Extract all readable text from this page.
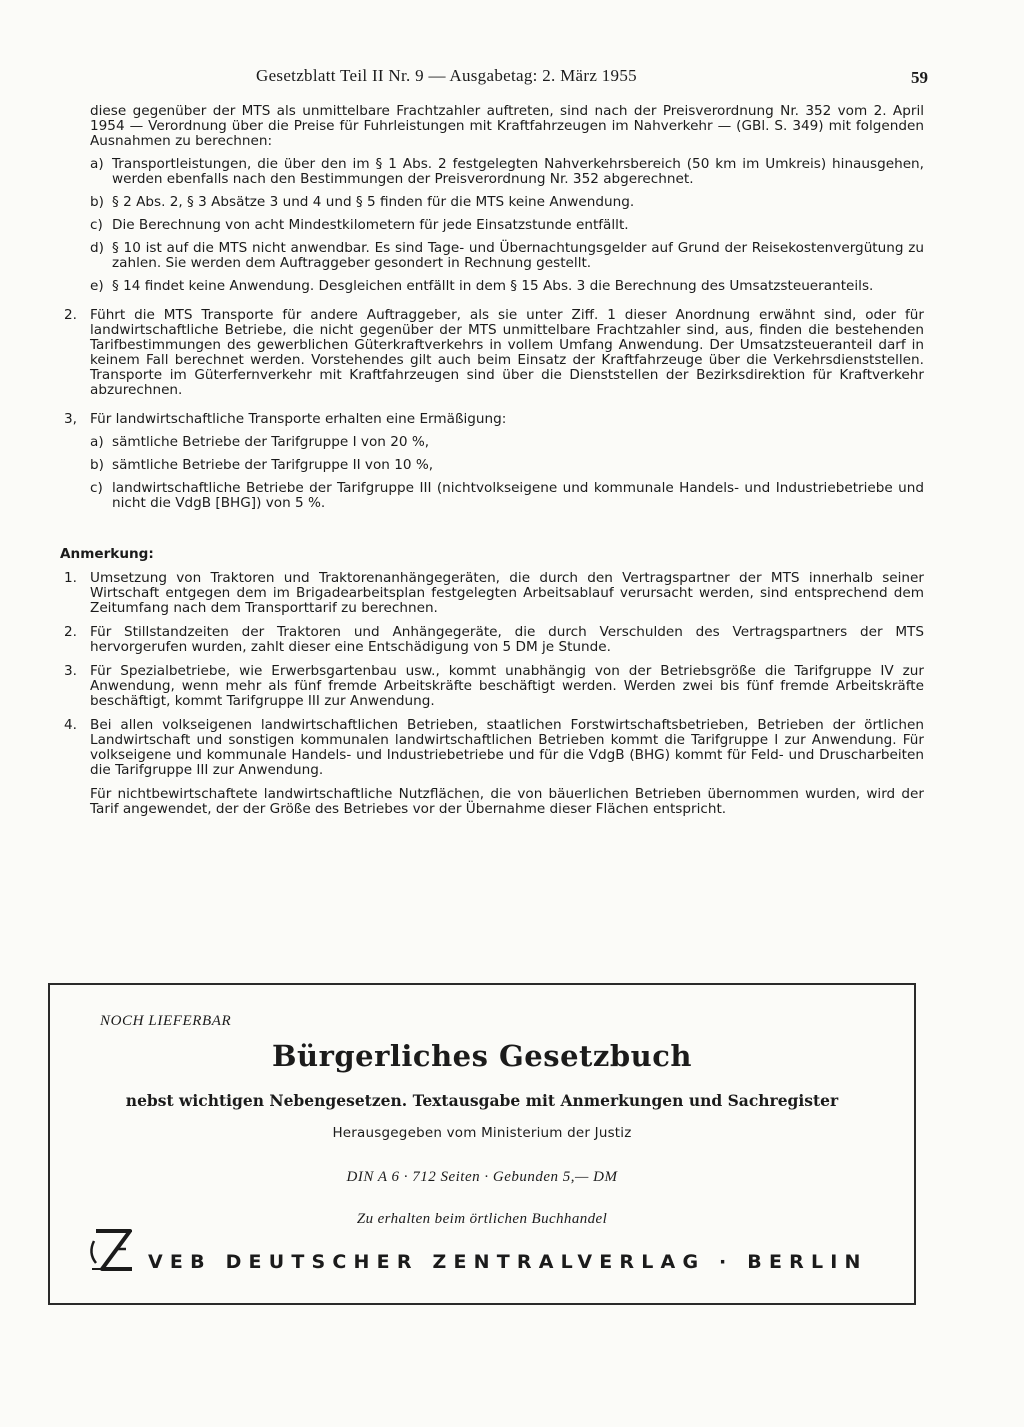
Gesetzblatt Teil II Nr. 9 — Ausgabetag: 2. März 1955	59

diese gegenüber der MTS als unmittelbare Frachtzahler auftreten, sind nach der Preisverordnung Nr. 352 vom 2. April 1954 — Verordnung über die Preise für Fuhrleistungen mit Kraftfahrzeugen im Nahverkehr — (GBl. S. 349) mit folgenden Ausnahmen zu berechnen:

a) Transportleistungen, die über den im § 1 Abs. 2 festgelegten Nahverkehrsbereich (50 km im Umkreis) hinausgehen, werden ebenfalls nach den Bestimmungen der Preisverordnung Nr. 352 abgerechnet.
b) § 2 Abs. 2, § 3 Absätze 3 und 4 und § 5 finden für die MTS keine Anwendung.
c) Die Berechnung von acht Mindestkilometern für jede Einsatzstunde entfällt.
d) § 10 ist auf die MTS nicht anwendbar. Es sind Tage- und Übernachtungsgelder auf Grund der Reisekostenvergütung zu zahlen. Sie werden dem Auftraggeber gesondert in Rechnung gestellt.
e) § 14 findet keine Anwendung. Desgleichen entfällt in dem § 15 Abs. 3 die Berechnung des Umsatzsteueranteils.
2. Führt die MTS Transporte für andere Auftraggeber, als sie unter Ziff. 1 dieser Anordnung erwähnt sind, oder für landwirtschaftliche Betriebe, die nicht gegenüber der MTS unmittelbare Frachtzahler sind, aus, finden die bestehenden Tarifbestimmungen des gewerblichen Güterkraftverkehrs in vollem Umfang Anwendung. Der Umsatzsteueranteil darf in keinem Fall berechnet werden. Vorstehendes gilt auch beim Einsatz der Kraftfahrzeuge über die Verkehrsdienststellen. Transporte im Güterfernverkehr mit Kraftfahrzeugen sind über die Dienststellen der Bezirksdirektion für Kraftverkehr abzurechnen.
3, Für landwirtschaftliche Transporte erhalten eine Ermäßigung:
a) sämtliche Betriebe der Tarifgruppe I von 20 %,
b) sämtliche Betriebe der Tarifgruppe II von 10 %,
c) landwirtschaftliche Betriebe der Tarifgruppe III (nichtvolkseigene und kommunale Handels- und Industriebetriebe und nicht die VdgB [BHG]) von 5 %.

Anmerkung:

1. Umsetzung von Traktoren und Traktorenanhängegeräten, die durch den Vertragspartner der MTS innerhalb seiner Wirtschaft entgegen dem im Brigadearbeitsplan festgelegten Arbeitsablauf verursacht werden, sind entsprechend dem Zeitumfang nach dem Transporttarif zu berechnen.
2. Für Stillstandzeiten der Traktoren und Anhängegeräte, die durch Verschulden des Vertragspartners der MTS hervorgerufen wurden, zahlt dieser eine Entschädigung von 5 DM je Stunde.
3. Für Spezialbetriebe, wie Erwerbsgartenbau usw., kommt unabhängig von der Betriebsgröße die Tarifgruppe IV zur Anwendung, wenn mehr als fünf fremde Arbeitskräfte beschäftigt werden. Werden zwei bis fünf fremde Arbeitskräfte beschäftigt, kommt Tarifgruppe III zur Anwendung.
4. Bei allen volkseigenen landwirtschaftlichen Betrieben, staatlichen Forstwirtschaftsbetrieben, Betrieben der örtlichen Landwirtschaft und sonstigen kommunalen landwirtschaftlichen Betrieben kommt die Tarifgruppe I zur Anwendung. Für volkseigene und kommunale Handels- und Industriebetriebe und für die VdgB (BHG) kommt für Feld- und Druscharbeiten die Tarifgruppe III zur Anwendung.

Für nichtbewirtschaftete landwirtschaftliche Nutzflächen, die von bäuerlichen Betrieben übernommen wurden, wird der Tarif angewendet, der der Größe des Betriebes vor der Übernahme dieser Flächen entspricht.

NOCH LIEFERBAR
Bürgerliches Gesetzbuch
nebst wichtigen Nebengesetzen. Textausgabe mit Anmerkungen und Sachregister
Herausgegeben vom Ministerium der Justiz
DIN A 6 · 712 Seiten · Gebunden 5,— DM
Zu erhalten beim örtlichen Buchhandel
VEB DEUTSCHER ZENTRALVERLAG · BERLIN
